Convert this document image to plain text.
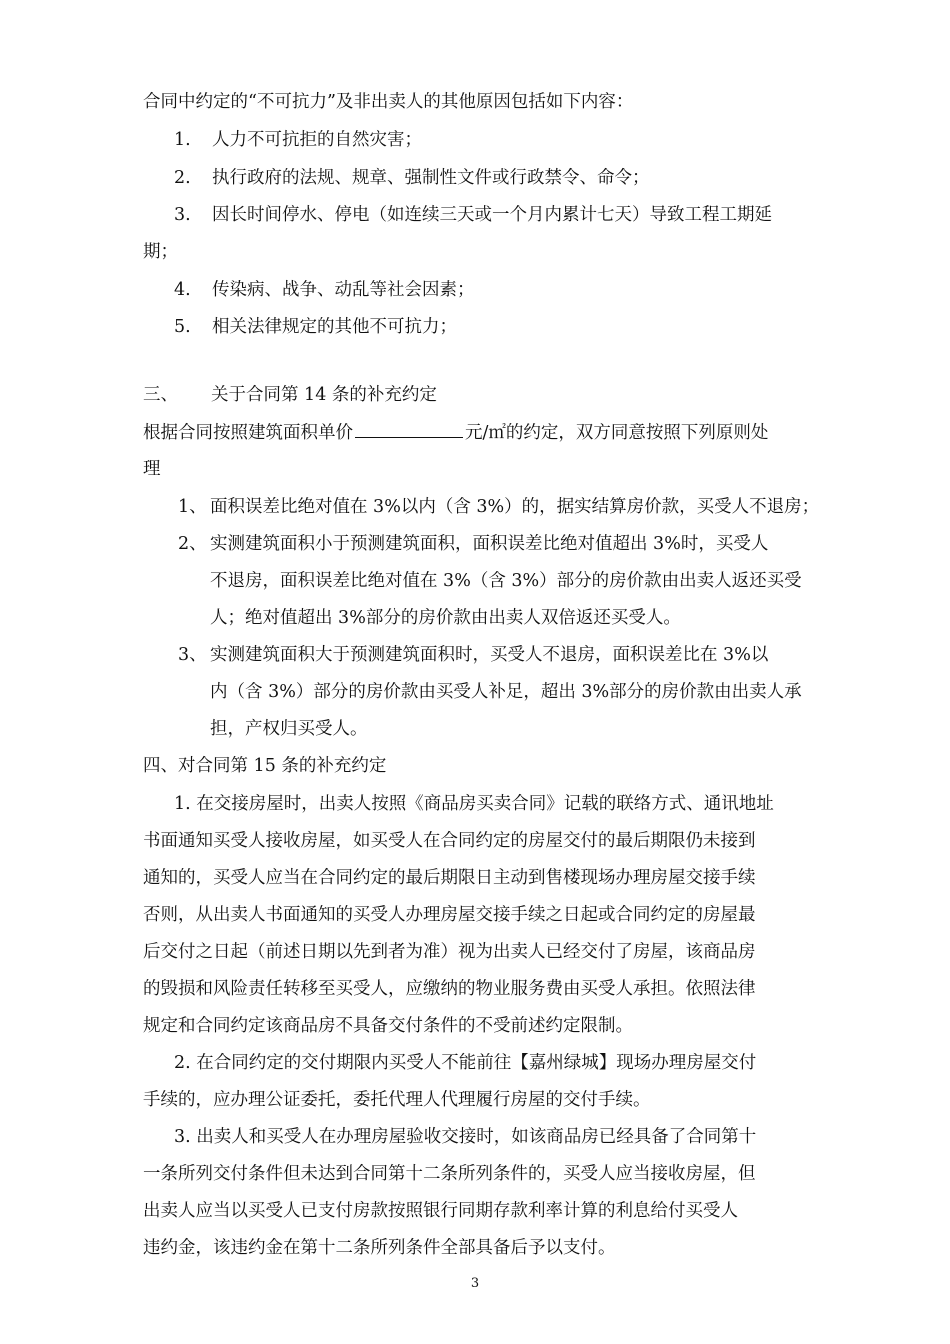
合同中约定的“不可抗力”及非出卖人的其他原因包括如下内容：
1. 人力不可抗拒的自然灾害；
2. 执行政府的法规、规章、强制性文件或行政禁令、命令；
3. 因长时间停水、停电（如连续三天或一个月内累计七天）导致工程工期延
期；
4. 传染病、战争、动乱等社会因素；
5. 相关法律规定的其他不可抗力；
三、 关于合同第 14 条的补充约定
根据合同按照建筑面积单价	元/㎡的约定，双方同意按照下列原则处
理
1、 面积误差比绝对值在 3%以内（含 3%）的，据实结算房价款，买受人不退房；
2、 实测建筑面积小于预测建筑面积，面积误差比绝对值超出 3%时，买受人
不退房，面积误差比绝对值在 3%（含 3%）部分的房价款由出卖人返还买受
人；绝对值超出 3%部分的房价款由出卖人双倍返还买受人。
3、 实测建筑面积大于预测建筑面积时，买受人不退房，面积误差比在 3%以
内（含 3%）部分的房价款由买受人补足，超出 3%部分的房价款由出卖人承
担，产权归买受人。
四、对合同第 15 条的补充约定
1. 在交接房屋时，出卖人按照《商品房买卖合同》记载的联络方式、通讯地址
书面通知买受人接收房屋，如买受人在合同约定的房屋交付的最后期限仍未接到
通知的，买受人应当在合同约定的最后期限日主动到售楼现场办理房屋交接手续
否则，从出卖人书面通知的买受人办理房屋交接手续之日起或合同约定的房屋最
后交付之日起（前述日期以先到者为准）视为出卖人已经交付了房屋，该商品房
的毁损和风险责任转移至买受人，应缴纳的物业服务费由买受人承担。依照法律
规定和合同约定该商品房不具备交付条件的不受前述约定限制。
2. 在合同约定的交付期限内买受人不能前往【嘉州绿城】现场办理房屋交付
手续的，应办理公证委托，委托代理人代理履行房屋的交付手续。
3. 出卖人和买受人在办理房屋验收交接时，如该商品房已经具备了合同第十
一条所列交付条件但未达到合同第十二条所列条件的，买受人应当接收房屋，但
出卖人应当以买受人已支付房款按照银行同期存款利率计算的利息给付买受人
违约金，该违约金在第十二条所列条件全部具备后予以支付。
3
